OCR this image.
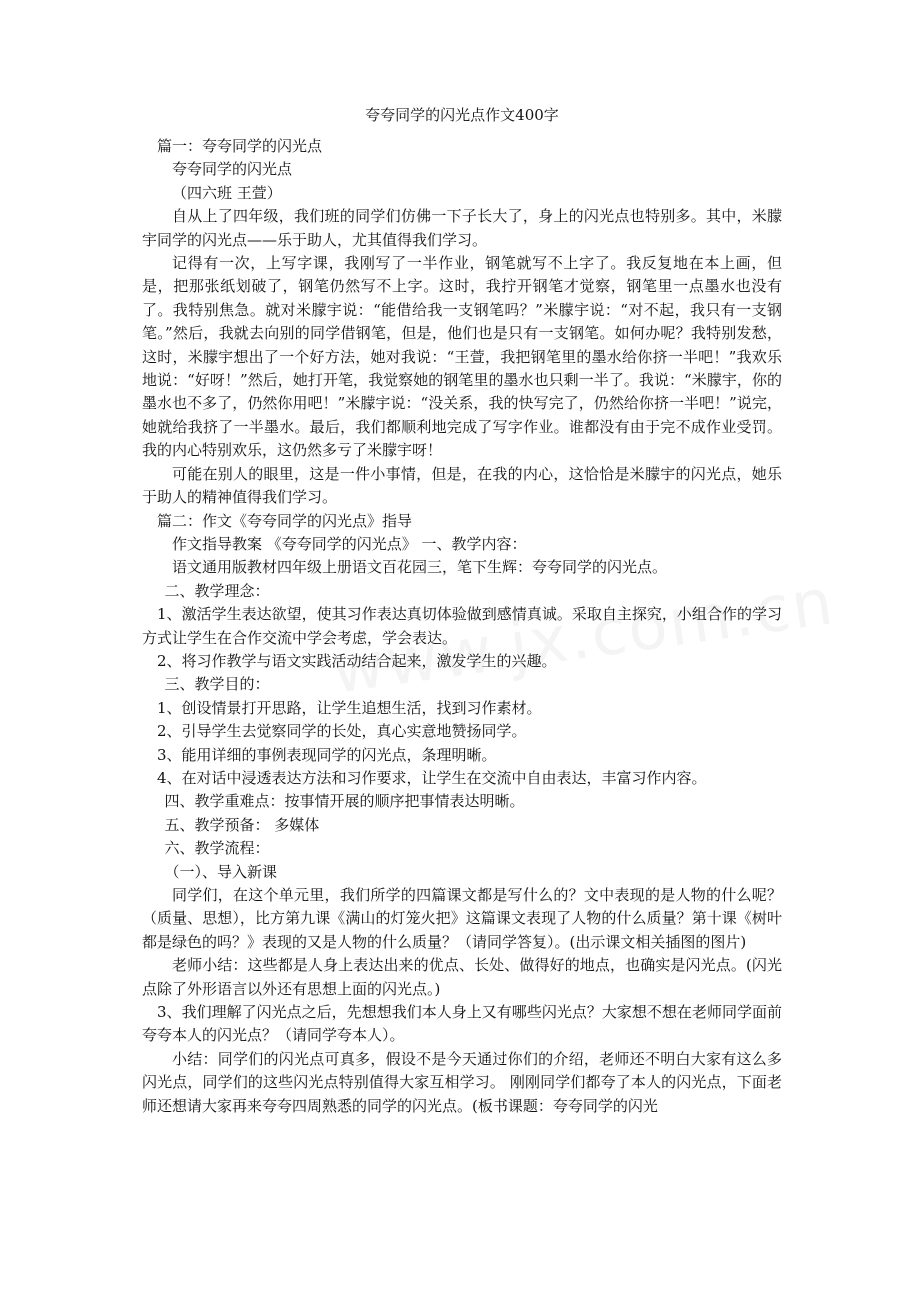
夸夸同学的闪光点作文400字

篇一：夸夸同学的闪光点

夸夸同学的闪光点

（四六班 王萱）

自从上了四年级，我们班的同学们仿佛一下子长大了，身上的闪光点也特别多。其中，米朦宇同学的闪光点——乐于助人，尤其值得我们学习。

记得有一次，上写字课，我刚写了一半作业，钢笔就写不上字了。我反复地在本上画，但是，把那张纸划破了，钢笔仍然写不上字。这时，我拧开钢笔才觉察，钢笔里一点墨水也没有了。我特别焦急。就对米朦宇说：“能借给我一支钢笔吗？”米朦宇说：“对不起，我只有一支钢笔。”然后，我就去向别的同学借钢笔，但是，他们也是只有一支钢笔。如何办呢？我特别发愁，这时，米朦宇想出了一个好方法，她对我说：“王萱，我把钢笔里的墨水给你挤一半吧！”我欢乐地说：“好呀！”然后，她打开笔，我觉察她的钢笔里的墨水也只剩一半了。我说：“米朦宇，你的墨水也不多了，仍然你用吧！”米朦宇说：“没关系，我的快写完了，仍然给你挤一半吧！”说完，她就给我挤了一半墨水。最后，我们都顺利地完成了写字作业。谁都没有由于完不成作业受罚。我的内心特别欢乐，这仍然多亏了米朦宇呀！

可能在别人的眼里，这是一件小事情，但是，在我的内心，这恰恰是米朦宇的闪光点，她乐于助人的精神值得我们学习。

篇二：作文《夸夸同学的闪光点》指导

作文指导教案 《夸夸同学的闪光点》 一、教学内容：

语文通用版教材四年级上册语文百花园三，笔下生辉：夸夸同学的闪光点。

二、教学理念：

1、激活学生表达欲望，使其习作表达真切体验做到感情真诚。采取自主探究，小组合作的学习方式让学生在合作交流中学会考虑，学会表达。

2、将习作教学与语文实践活动结合起来，激发学生的兴趣。

三、教学目的：

1、创设情景打开思路，让学生追想生活，找到习作素材。

2、引导学生去觉察同学的长处，真心实意地赞扬同学。

3、能用详细的事例表现同学的闪光点，条理明晰。

4、在对话中浸透表达方法和习作要求，让学生在交流中自由表达，丰富习作内容。

四、教学重难点：按事情开展的顺序把事情表达明晰。

五、教学预备： 多媒体

六、教学流程：

（一）、导入新课

同学们，在这个单元里，我们所学的四篇课文都是写什么的？文中表现的是人物的什么呢？（质量、思想），比方第九课《满山的灯笼火把》这篇课文表现了人物的什么质量？第十课《树叶都是绿色的吗？》表现的又是人物的什么质量？（请同学答复）。(出示课文相关插图的图片)

老师小结：这些都是人身上表达出来的优点、长处、做得好的地点，也确实是闪光点。(闪光点除了外形语言以外还有思想上面的闪光点。)

3、我们理解了闪光点之后，先想想我们本人身上又有哪些闪光点？大家想不想在老师同学面前夸夸本人的闪光点？（请同学夸本人）。

小结：同学们的闪光点可真多，假设不是今天通过你们的介绍，老师还不明白大家有这么多闪光点，同学们的这些闪光点特别值得大家互相学习。 刚刚同学们都夸了本人的闪光点，下面老师还想请大家再来夸夸四周熟悉的同学的闪光点。(板书课题：夸夸同学的闪光
